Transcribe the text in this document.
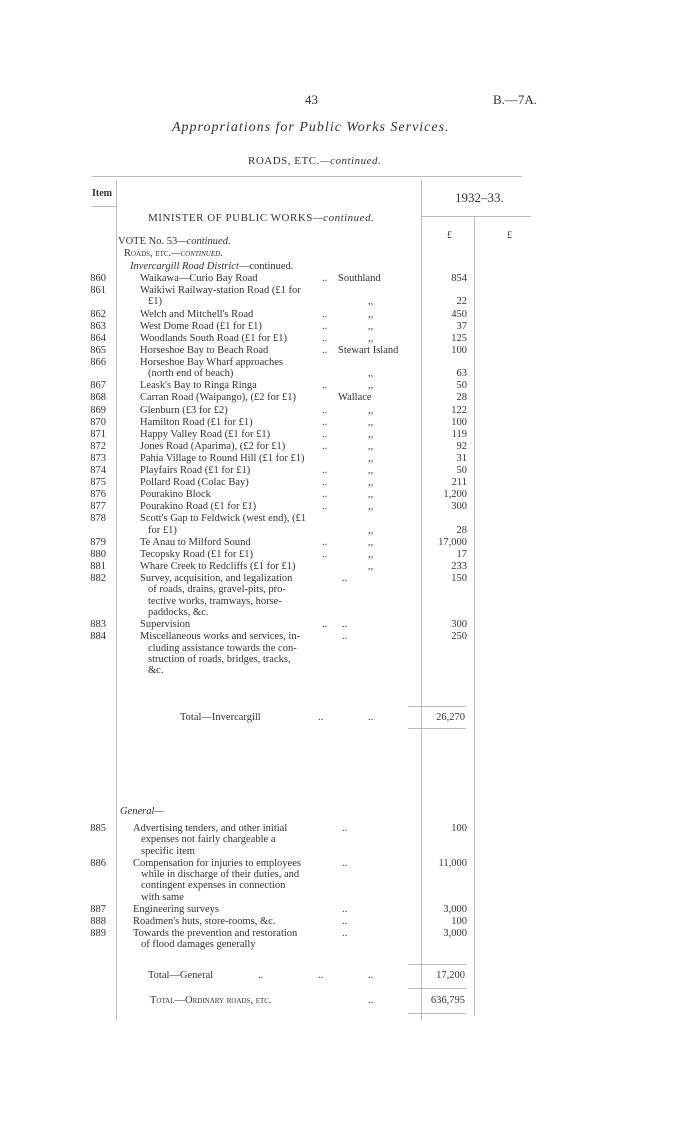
43	B.—7A.
Appropriations for Public Works Services.
ROADS, ETC.—continued.
Item	1932–33.
£	£
MINISTER OF PUBLIC WORKS—continued.
VOTE No. 53—continued.
Roads, etc.—continued.
Invercargill Road District—continued.
860	Waikawa—Curio Bay Road	.. Southland	854
861	Waikiwi Railway-station Road (£1 for
£1)	,,	22
862	Welch and Mitchell's Road	..	,,	450
863	West Dome Road (£1 for £1)	..	,,	37
864	Woodlands South Road (£1 for £1)	..	,,	125
865	Horseshoe Bay to Beach Road	.. Stewart Island	100
866	Horseshoe Bay Wharf approaches
(north end of beach)	,,	63
867	Leask's Bay to Ringa Ringa	..	,,	50
868	Carran Road (Waipango), (£2 for £1)	Wallace	28
869	Glenburn (£3 for £2)	..	,,	122
870	Hamilton Road (£1 for £1)	..	,,	100
871	Happy Valley Road (£1 for £1)	..	,,	119
872	Jones Road (Aparima), (£2 for £1)	..	,,	92
873	Pahia Village to Round Hill (£1 for £1)	,,	31
874	Playfairs Road (£1 for £1)	..	,,	50
875	Pollard Road (Colac Bay)	..	,,	211
876	Pourakino Block	..	,,	1,200
877	Pourakino Road (£1 for £1)	..	,,	300
878	Scott's Gap to Feldwick (west end), (£1
for £1)	,,	28
879	Te Anau to Milford Sound	..	,,	17,000
880	Tecopsky Road (£1 for £1)	..	,,	17
881	Whare Creek to Redcliffs (£1 for £1)	,,	233
882	Survey, acquisition, and legalization
of roads, drains, gravel-pits, pro-
tective works, tramways, horse-
paddocks, &c.
..	150
883	Supervision	.. ..	300
884	Miscellaneous works and services, in-
cluding assistance towards the con-
struction of roads, bridges, tracks,
&c.
..	250
Total—Invercargill	..	..	26,270
General—
885	Advertising tenders, and other initial
expenses not fairly chargeable a
specific item
..	100
886	Compensation for injuries to employees
while in discharge of their duties, and
contingent expenses in connection
with same
..	11,000
887	Engineering surveys	..	3,000
888	Roadmen's huts, store-rooms, &c.	..	100
889	Towards the prevention and restoration
of flood damages generally
..	3,000
Total—General	..	..	..	17,200
Total—Ordinary roads, etc.	..	636,795
